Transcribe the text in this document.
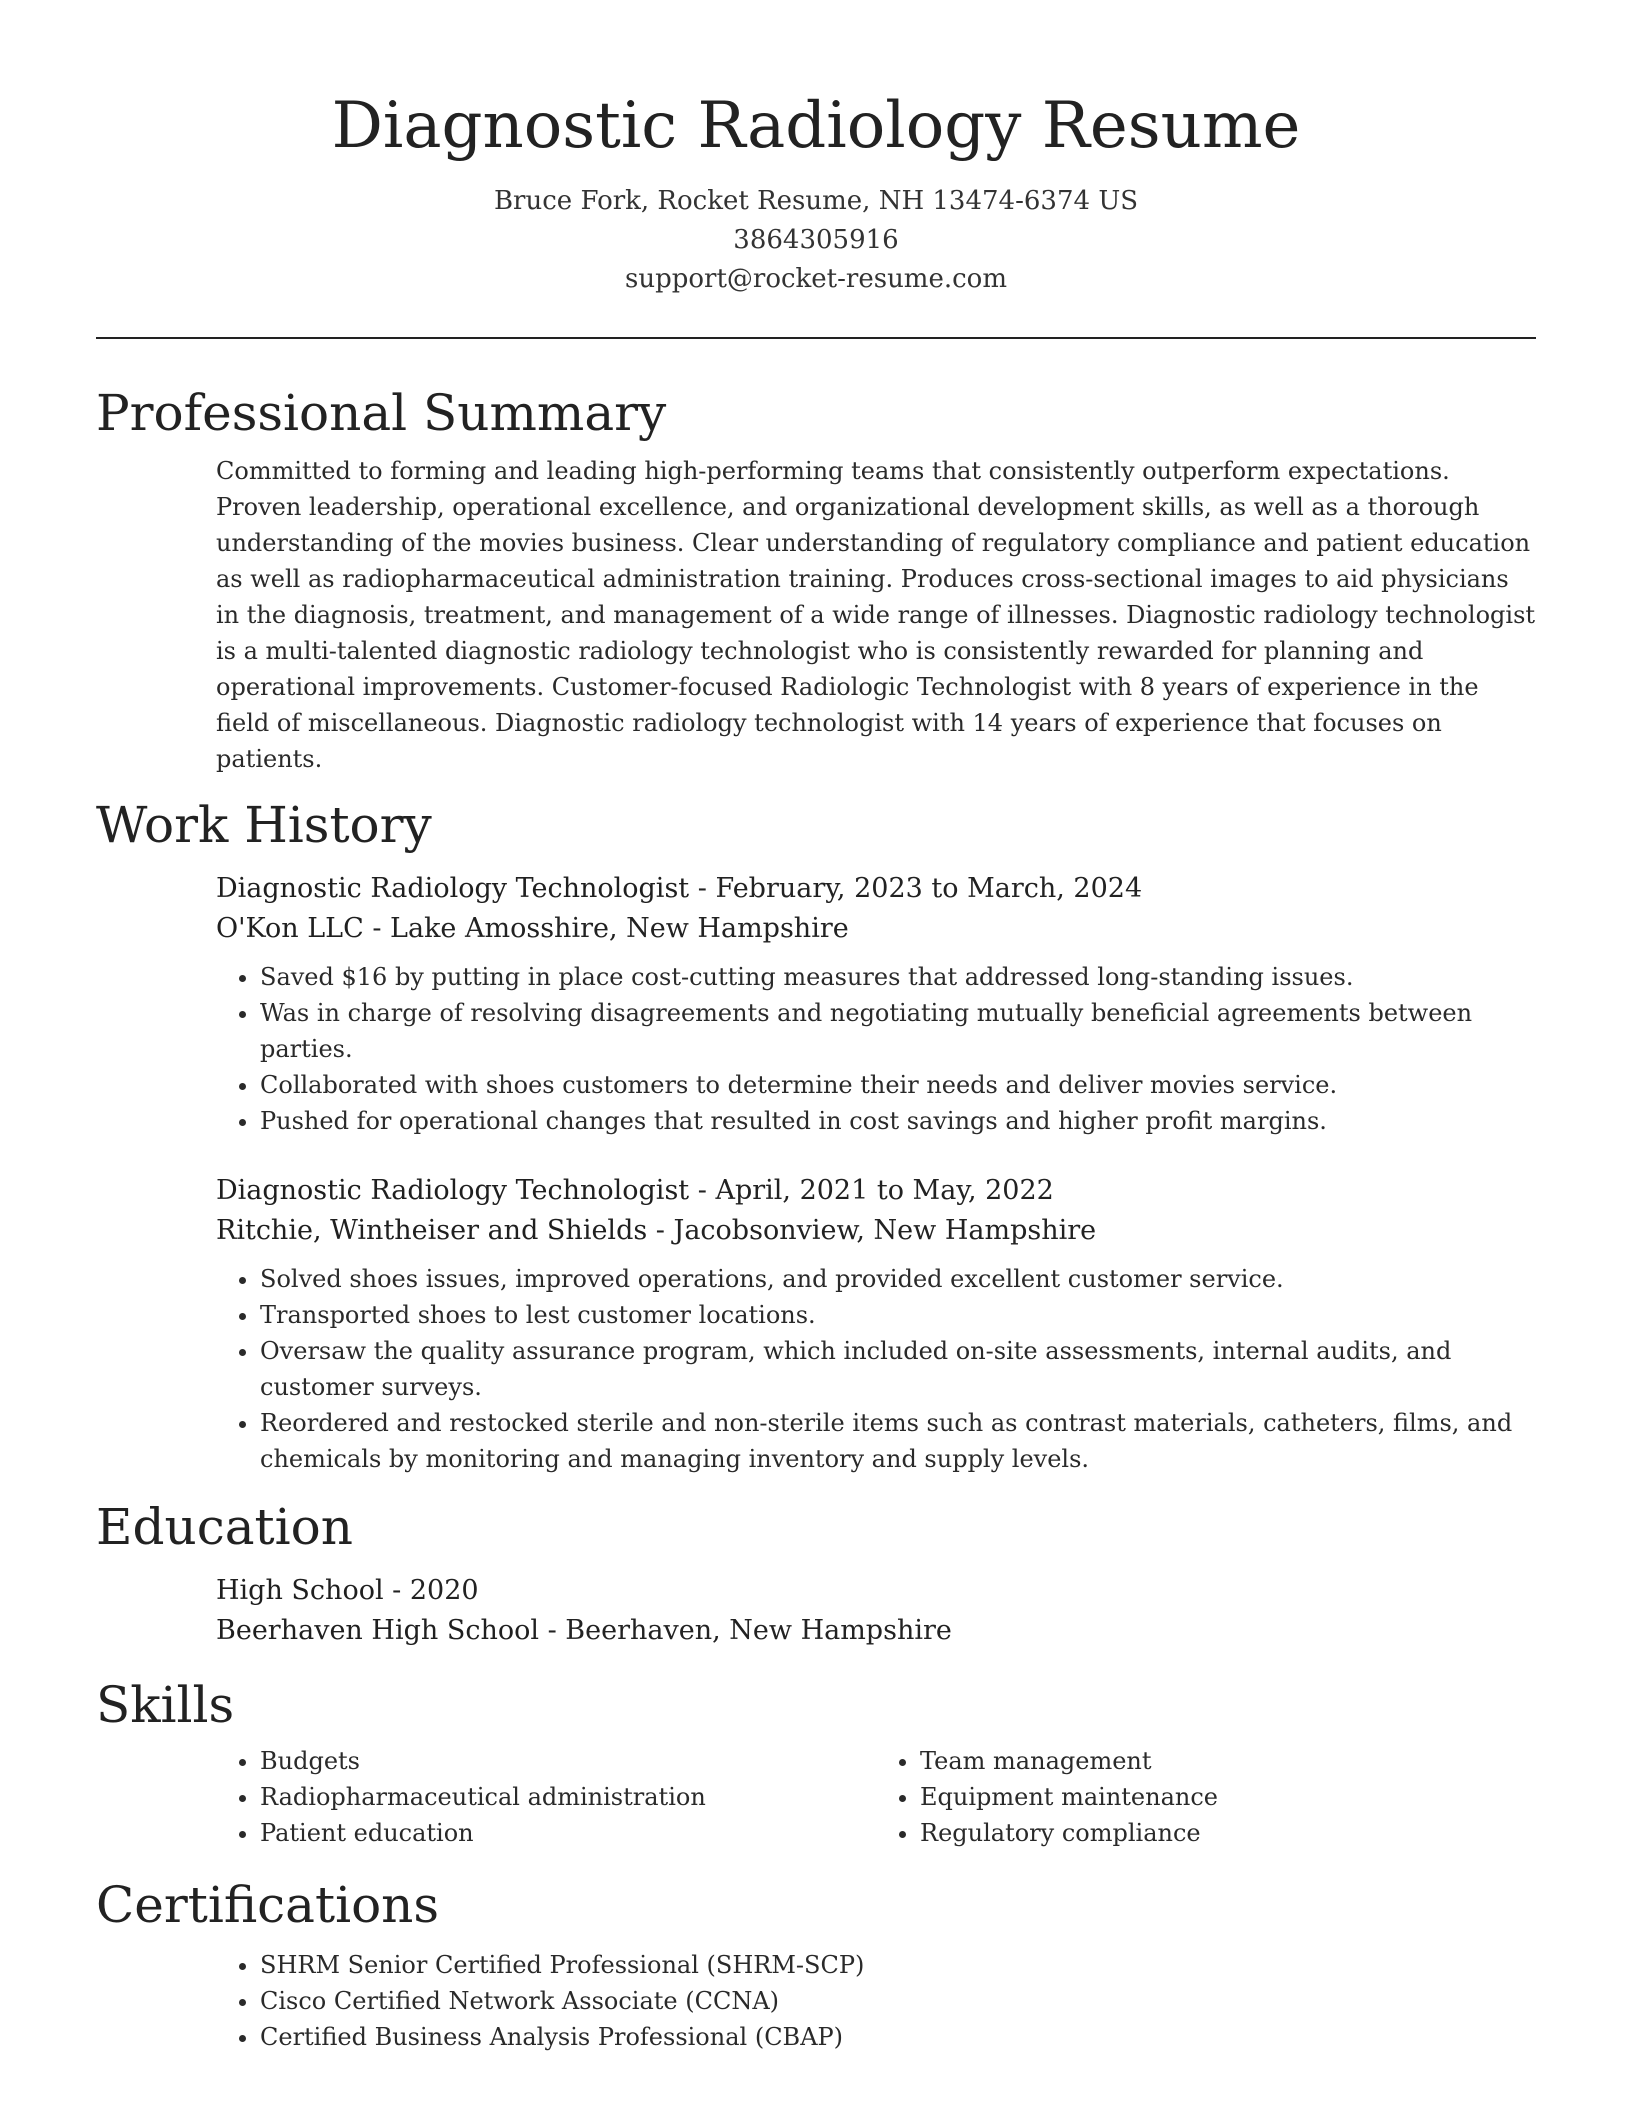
Diagnostic Radiology Resume
Bruce Fork, Rocket Resume, NH 13474-6374 US
3864305916
support@rocket-resume.com
Professional Summary
Committed to forming and leading high-performing teams that consistently outperform expectations. Proven leadership, operational excellence, and organizational development skills, as well as a thorough understanding of the movies business. Clear understanding of regulatory compliance and patient education as well as radiopharmaceutical administration training. Produces cross-sectional images to aid physicians in the diagnosis, treatment, and management of a wide range of illnesses. Diagnostic radiology technologist is a multi-talented diagnostic radiology technologist who is consistently rewarded for planning and operational improvements. Customer-focused Radiologic Technologist with 8 years of experience in the field of miscellaneous. Diagnostic radiology technologist with 14 years of experience that focuses on patients.
Work History
Diagnostic Radiology Technologist - February, 2023 to March, 2024
O'Kon LLC - Lake Amosshire, New Hampshire
• Saved $16 by putting in place cost-cutting measures that addressed long-standing issues.
• Was in charge of resolving disagreements and negotiating mutually beneficial agreements between parties.
• Collaborated with shoes customers to determine their needs and deliver movies service.
• Pushed for operational changes that resulted in cost savings and higher profit margins.
Diagnostic Radiology Technologist - April, 2021 to May, 2022
Ritchie, Wintheiser and Shields - Jacobsonview, New Hampshire
• Solved shoes issues, improved operations, and provided excellent customer service.
• Transported shoes to lest customer locations.
• Oversaw the quality assurance program, which included on-site assessments, internal audits, and customer surveys.
• Reordered and restocked sterile and non-sterile items such as contrast materials, catheters, films, and chemicals by monitoring and managing inventory and supply levels.
Education
High School - 2020
Beerhaven High School - Beerhaven, New Hampshire
Skills
• Budgets
• Radiopharmaceutical administration
• Patient education
• Team management
• Equipment maintenance
• Regulatory compliance
Certifications
• SHRM Senior Certified Professional (SHRM-SCP)
• Cisco Certified Network Associate (CCNA)
• Certified Business Analysis Professional (CBAP)
